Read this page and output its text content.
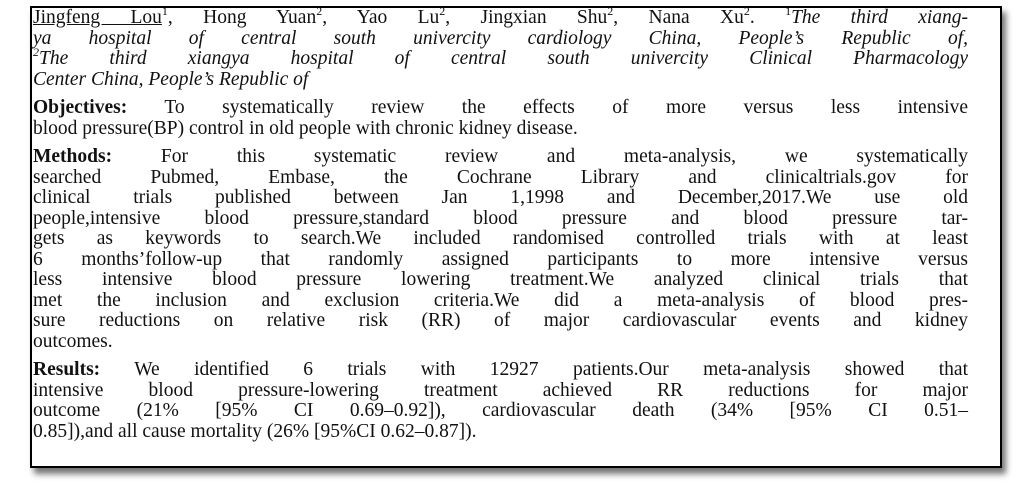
Jingfeng Lou$^1$, Hong Yuan$^2$, Yao Lu$^2$, Jingxian Shu$^2$, Nana Xu$^2$. $^1$The third xiang-
ya hospital of central south univercity cardiology China, People’s Republic of,
$^2$The third xiangya hospital of central south univercity Clinical Pharmacology
Center China, People’s Republic of
Objectives: To systematically review the effects of more versus less intensive
blood pressure(BP) control in old people with chronic kidney disease.
Methods:	For this systematic review and meta-analysis, we systematically
searched Pubmed, Embase, the Cochrane Library and clinicaltrials.gov for
clinical trials published between Jan 1,1998 and December,2017.We use old
people,intensive blood pressure,standard blood pressure and blood pressure tar-
gets as keywords to search.We included randomised controlled trials with at least
6 months’follow-up that randomly assigned participants to more intensive versus
less intensive blood pressure lowering treatment.We analyzed clinical trials that
met the inclusion and exclusion criteria.We did a meta-analysis of blood pres-
sure reductions on relative risk (RR) of major cardiovascular events and kidney
outcomes.
Results: We identified 6 trials with 12927 patients.Our meta-analysis showed that
intensive blood pressure-lowering treatment achieved RR reductions for major
outcome (21% [95% CI 0.69–0.92]), cardiovascular death (34% [95% CI 0.51–
0.85]),and all cause mortality (26% [95%CI 0.62–0.87]).
